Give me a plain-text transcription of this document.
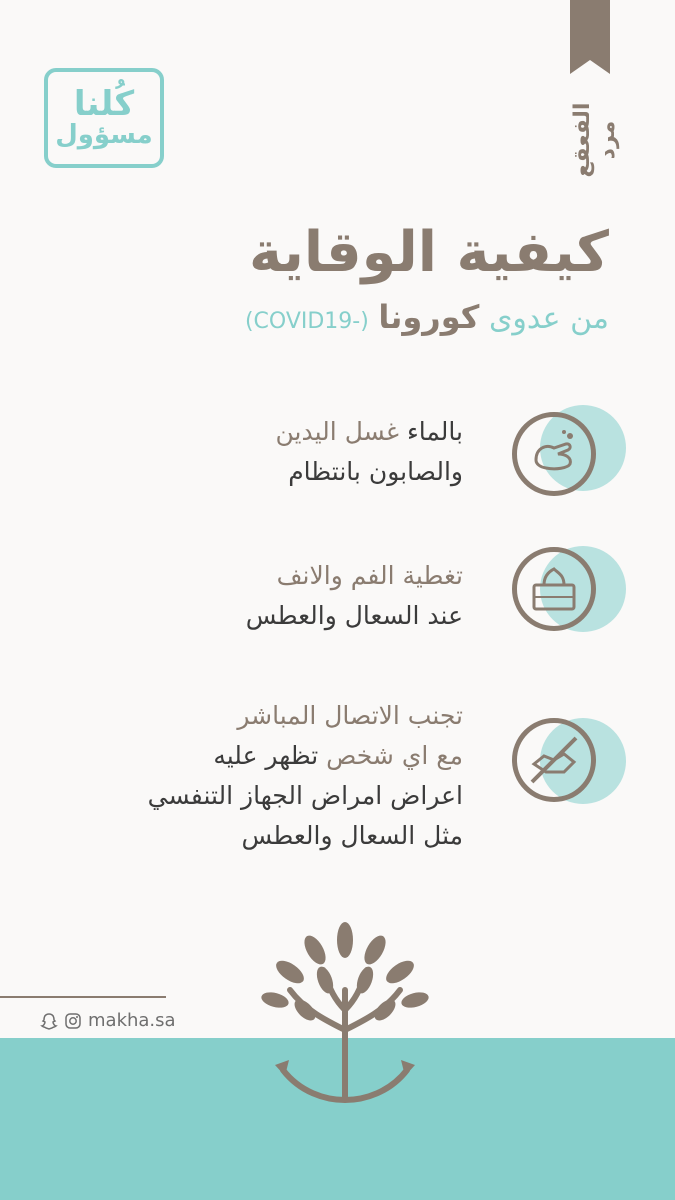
كُلنا
مسؤول	الفعقع مرد
كيفية الوقاية
من عدوى كورونا (COVID19-)
بالماء غسل اليدين
والصابون بانتظام
تغطية الفم والانف
عند السعال والعطس
تجنب الاتصال المباشر
مع اي شخص تظهر عليه
اعراض امراض الجهاز التنفسي
مثل السعال والعطس
makha.sa
